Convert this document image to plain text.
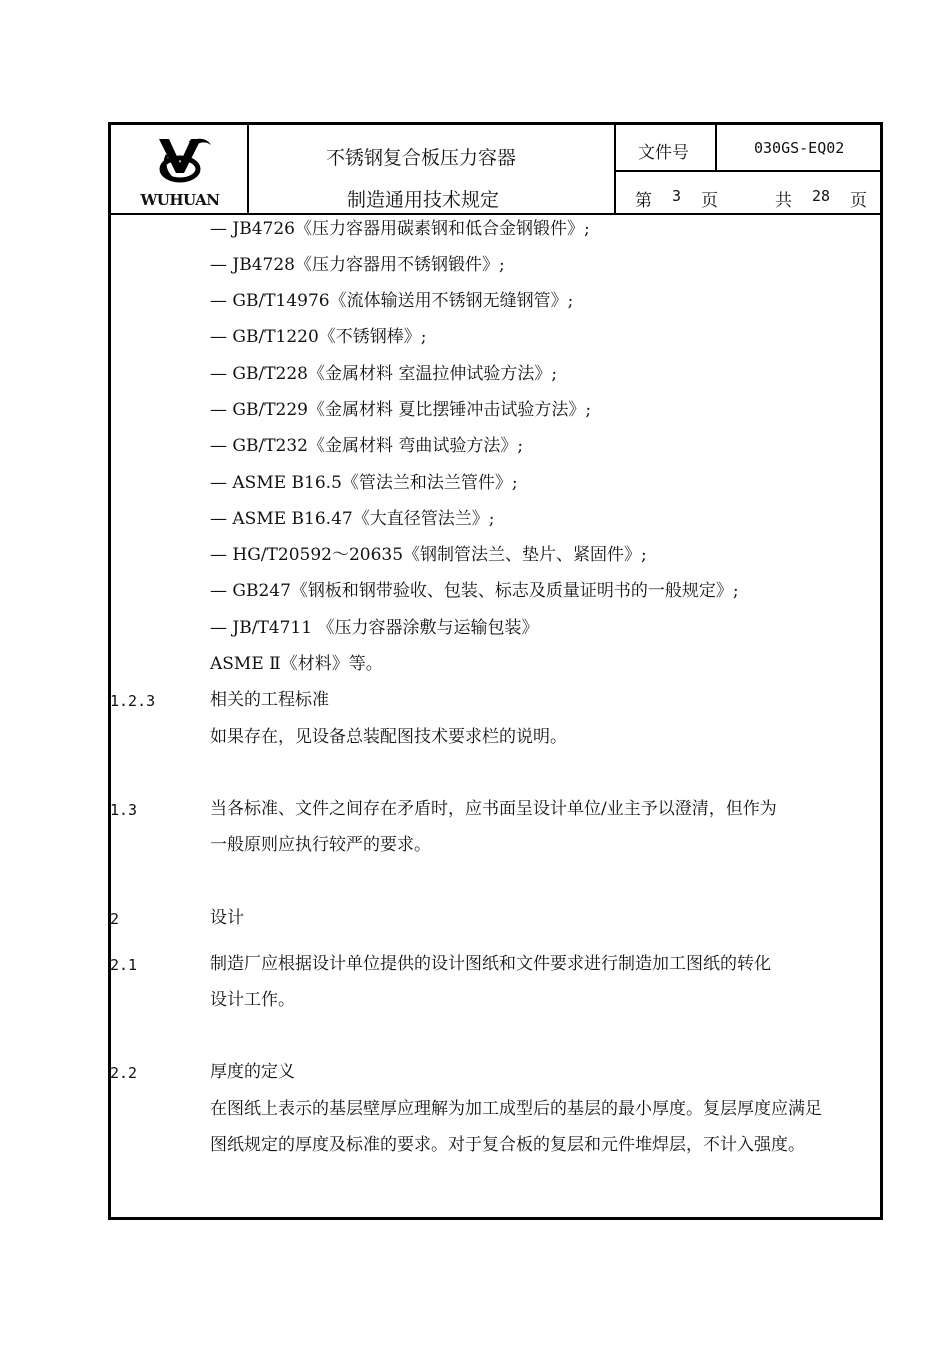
WUHUAN
不锈钢复合板压力容器
制造通用技术规定
文件号	030GS-EQ02
第 3 页	共 28 页
— JB4726《压力容器用碳素钢和低合金钢锻件》;
— JB4728《压力容器用不锈钢锻件》;
— GB/T14976《流体输送用不锈钢无缝钢管》;
— GB/T1220《不锈钢棒》;
— GB/T228《金属材料 室温拉伸试验方法》;
— GB/T229《金属材料 夏比摆锤冲击试验方法》;
— GB/T232《金属材料 弯曲试验方法》;
— ASME B16.5《管法兰和法兰管件》;
— ASME B16.47《大直径管法兰》;
— HG/T20592～20635《钢制管法兰、垫片、紧固件》;
— GB247《钢板和钢带验收、包装、标志及质量证明书的一般规定》;
— JB/T4711 《压力容器涂敷与运输包装》
ASME Ⅱ《材料》等。
1.2.3	相关的工程标准
如果存在，见设备总装配图技术要求栏的说明。
1.3	当各标准、文件之间存在矛盾时，应书面呈设计单位/业主予以澄清，但作为
一般原则应执行较严的要求。
2	设计
2.1	制造厂应根据设计单位提供的设计图纸和文件要求进行制造加工图纸的转化
设计工作。
2.2	厚度的定义
在图纸上表示的基层壁厚应理解为加工成型后的基层的最小厚度。复层厚度应满足
图纸规定的厚度及标准的要求。对于复合板的复层和元件堆焊层，不计入强度。
